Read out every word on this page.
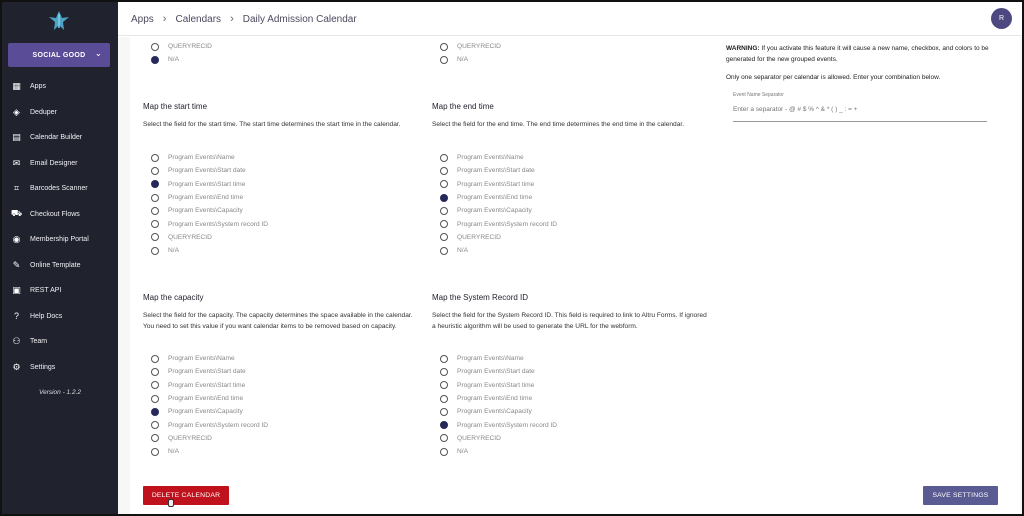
SOCIAL GOOD ⌄
▦ Apps
◈ Deduper
▤ Calendar Builder
✉ Email Designer
⌗	Barcodes Scanner
⛟ Checkout Flows
◉ Membership Portal
✎ Online Template
▣ REST API
?	Help Docs
⚇ Team
⚙ Settings
Version - 1.2.2
Apps › Calendars › Daily Admission Calendar	R
QUERYRECID
N/A
QUERYRECID
N/A
Map the start time
Select the field for the start time. The start time determines the start time in the calendar.
Program Events\Name
Program Events\Start date
Program Events\Start time
Program Events\End time
Program Events\Capacity
Program Events\System record ID
QUERYRECID
N/A
Map the end time
Select the field for the end time. The end time determines the end time in the calendar.
Program Events\Name
Program Events\Start date
Program Events\Start time
Program Events\End time
Program Events\Capacity
Program Events\System record ID
QUERYRECID
N/A
Map the capacity
Select the field for the capacity. The capacity determines the space available in the calendar. You need to set this value if you want calendar items to be removed based on capacity.
Program Events\Name
Program Events\Start date
Program Events\Start time
Program Events\End time
Program Events\Capacity
Program Events\System record ID
QUERYRECID
N/A
Map the System Record ID
Select the field for the System Record ID. This field is required to link to Altru Forms. If ignored a heuristic algorithm will be used to generate the URL for the webform.
Program Events\Name
Program Events\Start date
Program Events\Start time
Program Events\End time
Program Events\Capacity
Program Events\System record ID
QUERYRECID
N/A
WARNING: If you activate this feature it will cause a new name, checkbox, and colors to be generated for the new grouped events.
Only one separator per calendar is allowed. Enter your combination below.
Event Name Separator
Enter a separator - @ # $ % ^ & * ( ) _ : = +
DELETE CALENDAR	SAVE SETTINGS
